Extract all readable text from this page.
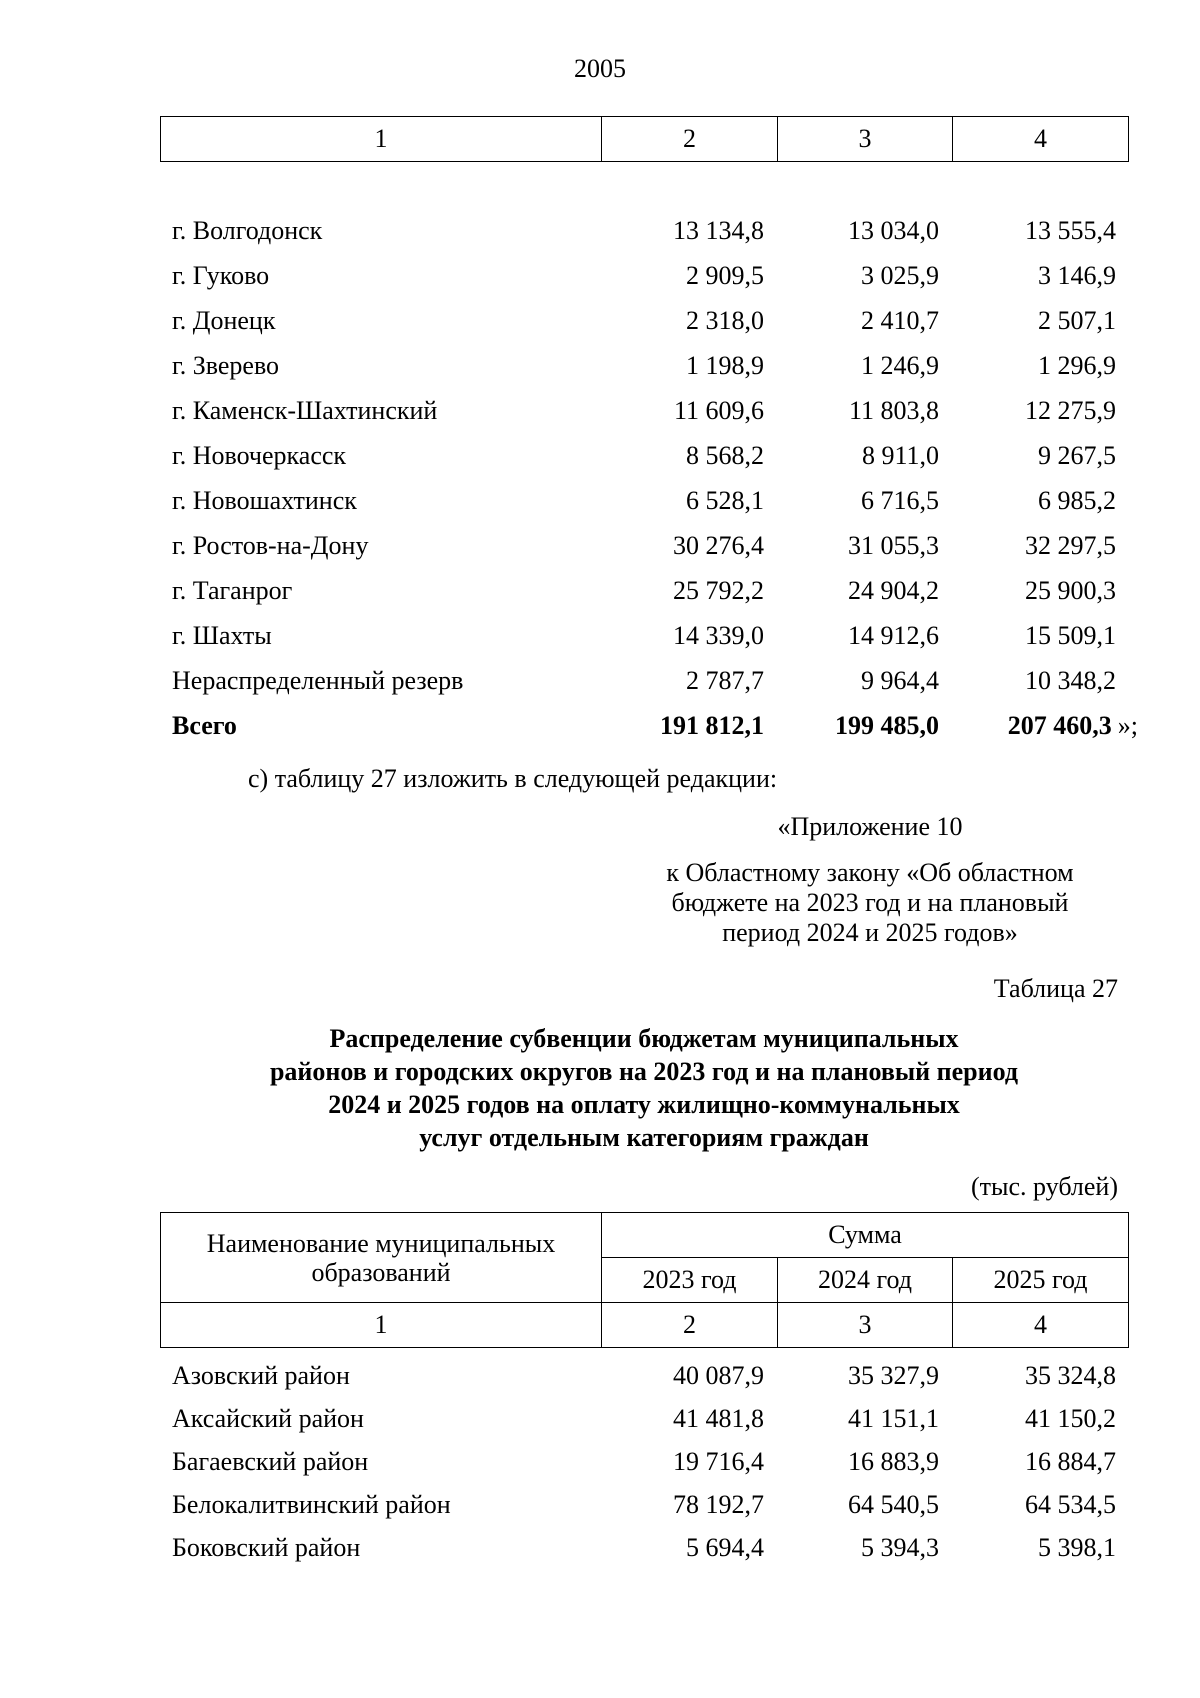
2005
1	2	3	4
г. Волгодонск	13 134,8	13 034,0	13 555,4
г. Гуково	2 909,5	3 025,9	3 146,9
г. Донецк	2 318,0	2 410,7	2 507,1
г. Зверево	1 198,9	1 246,9	1 296,9
г. Каменск-Шахтинский	11 609,6	11 803,8	12 275,9
г. Новочеркасск	8 568,2	8 911,0	9 267,5
г. Новошахтинск	6 528,1	6 716,5	6 985,2
г. Ростов-на-Дону	30 276,4	31 055,3	32 297,5
г. Таганрог	25 792,2	24 904,2	25 900,3
г. Шахты	14 339,0	14 912,6	15 509,1
Нераспределенный резерв	2 787,7	9 964,4	10 348,2
Всего	191 812,1	199 485,0	207 460,3 »;
с) таблицу 27 изложить в следующей редакции:
«Приложение 10
к Областному закону «Об областном
бюджете на 2023 год и на плановый
период 2024 и 2025 годов»
Таблица 27
Распределение субвенции бюджетам муниципальных
районов и городских округов на 2023 год и на плановый период
2024 и 2025 годов на оплату жилищно-коммунальных
услуг отдельным категориям граждан
(тыс. рублей)
Наименование муниципальных
образований	Сумма		
	2023 год	2024 год	2025 год
1	2	3	4
Азовский район	40 087,9	35 327,9	35 324,8
Аксайский район	41 481,8	41 151,1	41 150,2
Багаевский район	19 716,4	16 883,9	16 884,7
Белокалитвинский район	78 192,7	64 540,5	64 534,5
Боковский район	5 694,4	5 394,3	5 398,1
